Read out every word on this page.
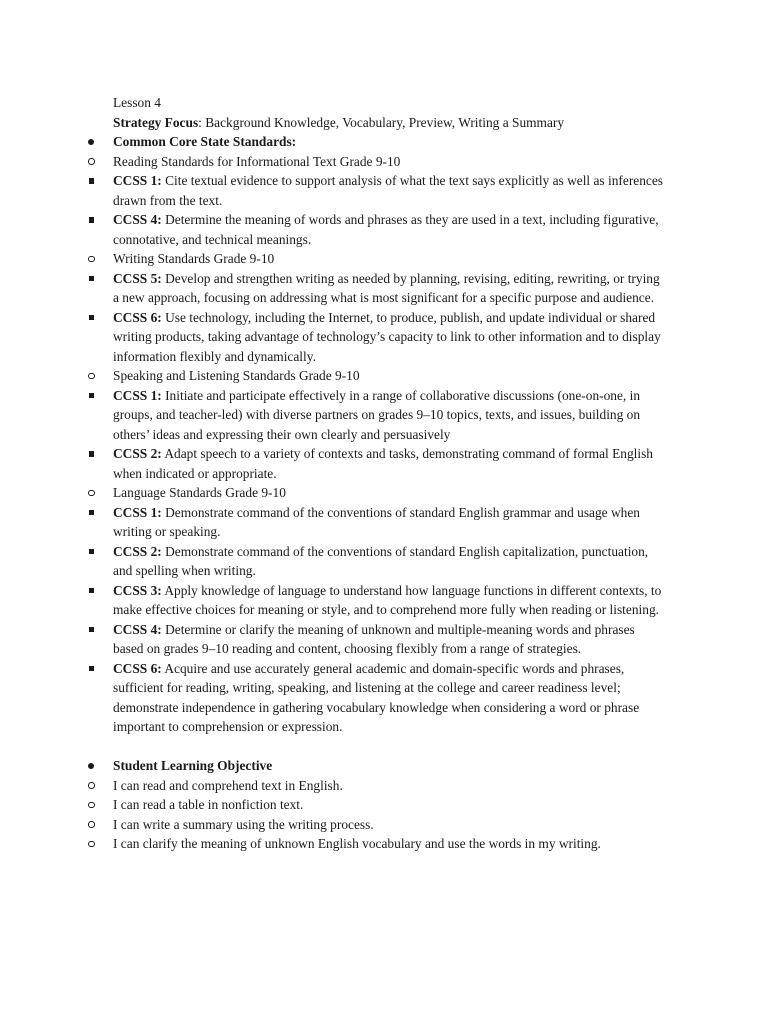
Lesson 4
Strategy Focus: Background Knowledge, Vocabulary, Preview, Writing a Summary
Common Core State Standards:
Reading Standards for Informational Text Grade 9-10
CCSS 1: Cite textual evidence to support analysis of what the text says explicitly as well as inferences drawn from the text.
CCSS 4: Determine the meaning of words and phrases as they are used in a text, including figurative, connotative, and technical meanings.
Writing Standards Grade 9-10
CCSS 5: Develop and strengthen writing as needed by planning, revising, editing, rewriting, or trying a new approach, focusing on addressing what is most significant for a specific purpose and audience.
CCSS 6: Use technology, including the Internet, to produce, publish, and update individual or shared writing products, taking advantage of technology’s capacity to link to other information and to display information flexibly and dynamically.
Speaking and Listening Standards Grade 9-10
CCSS 1: Initiate and participate effectively in a range of collaborative discussions (one-on-one, in groups, and teacher-led) with diverse partners on grades 9–10 topics, texts, and issues, building on others’ ideas and expressing their own clearly and persuasively
CCSS 2: Adapt speech to a variety of contexts and tasks, demonstrating command of formal English when indicated or appropriate.
Language Standards Grade 9-10
CCSS 1: Demonstrate command of the conventions of standard English grammar and usage when writing or speaking.
CCSS 2: Demonstrate command of the conventions of standard English capitalization, punctuation, and spelling when writing.
CCSS 3: Apply knowledge of language to understand how language functions in different contexts, to make effective choices for meaning or style, and to comprehend more fully when reading or listening.
CCSS 4: Determine or clarify the meaning of unknown and multiple-meaning words and phrases based on grades 9–10 reading and content, choosing flexibly from a range of strategies.
CCSS 6: Acquire and use accurately general academic and domain-specific words and phrases, sufficient for reading, writing, speaking, and listening at the college and career readiness level; demonstrate independence in gathering vocabulary knowledge when considering a word or phrase important to comprehension or expression.
Student Learning Objective
I can read and comprehend text in English.
I can read a table in nonfiction text.
I can write a summary using the writing process.
I can clarify the meaning of unknown English vocabulary and use the words in my writing.
